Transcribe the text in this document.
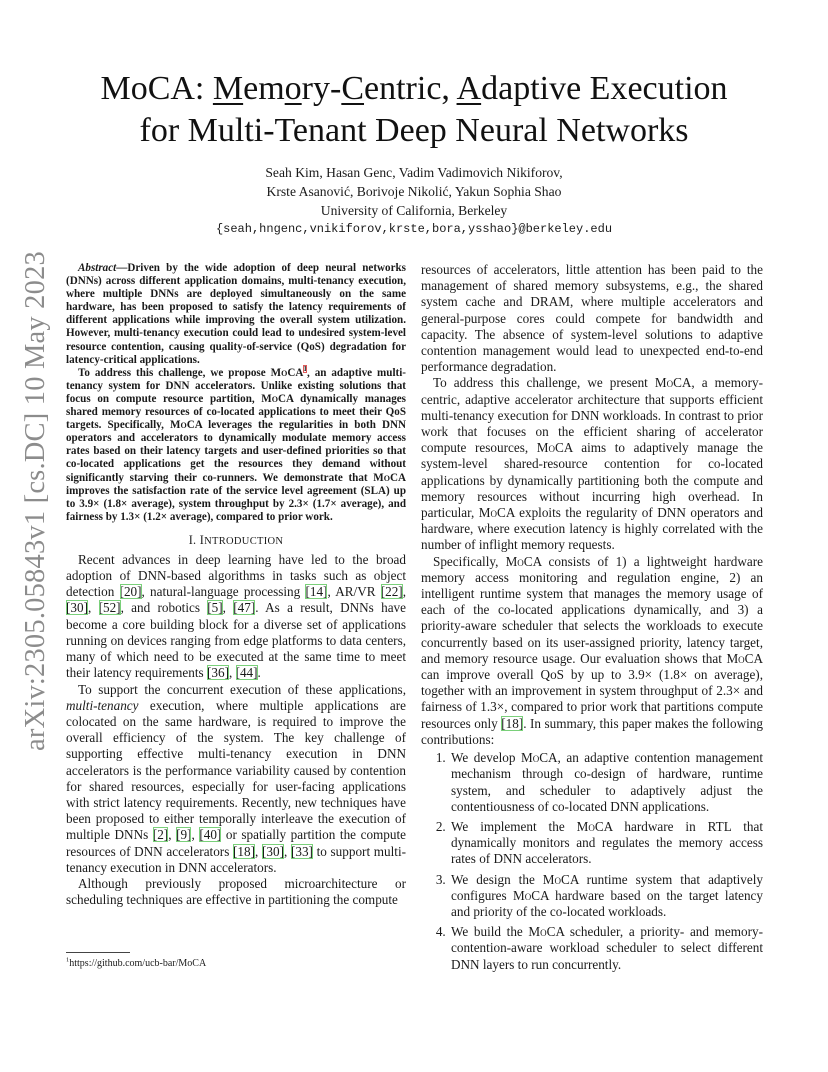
arXiv:2305.05843v1 [cs.DC] 10 May 2023
MoCA: Memory-Centric, Adaptive Execution
for Multi-Tenant Deep Neural Networks
Seah Kim, Hasan Genc, Vadim Vadimovich Nikiforov,
Krste Asanović, Borivoje Nikolić, Yakun Sophia Shao
University of California, Berkeley
{seah,hngenc,vnikiforov,krste,bora,ysshao}@berkeley.edu

Abstract—Driven by the wide adoption of deep neural networks (DNNs) across different application domains, multi-tenancy execution, where multiple DNNs are deployed simultaneously on the same hardware, has been proposed to satisfy the latency requirements of different applications while improving the overall system utilization. However, multi-tenancy execution could lead to undesired system-level resource contention, causing quality-of-service (QoS) degradation for latency-critical applications.

To address this challenge, we propose MoCA$^1$, an adaptive multi-tenancy system for DNN accelerators. Unlike existing solutions that focus on compute resource partition, MoCA dynamically manages shared memory resources of co-located applications to meet their QoS targets. Specifically, MoCA leverages the regularities in both DNN operators and accelerators to dynamically modulate memory access rates based on their latency targets and user-defined priorities so that co-located applications get the resources they demand without significantly starving their co-runners. We demonstrate that MoCA improves the satisfaction rate of the service level agreement (SLA) up to 3.9× (1.8× average), system throughput by 2.3× (1.7× average), and fairness by 1.3× (1.2× average), compared to prior work.

I. INTRODUCTION

Recent advances in deep learning have led to the broad adoption of DNN-based algorithms in tasks such as object detection [20], natural-language processing [14], AR/VR [22], [30], [52], and robotics [5], [47]. As a result, DNNs have become a core building block for a diverse set of applications running on devices ranging from edge platforms to data centers, many of which need to be executed at the same time to meet their latency requirements [36], [44].

To support the concurrent execution of these applications, multi-tenancy execution, where multiple applications are colocated on the same hardware, is required to improve the overall efficiency of the system. The key challenge of supporting effective multi-tenancy execution in DNN accelerators is the performance variability caused by contention for shared resources, especially for user-facing applications with strict latency requirements. Recently, new techniques have been proposed to either temporally interleave the execution of multiple DNNs [2], [9], [40] or spatially partition the compute resources of DNN accelerators [18], [30], [33] to support multi-tenancy execution in DNN accelerators.

Although previously proposed microarchitecture or scheduling techniques are effective in partitioning the compute

$^1$https://github.com/ucb-bar/MoCA

resources of accelerators, little attention has been paid to the management of shared memory subsystems, e.g., the shared system cache and DRAM, where multiple accelerators and general-purpose cores could compete for bandwidth and capacity. The absence of system-level solutions to adaptive contention management would lead to unexpected end-to-end performance degradation.

To address this challenge, we present MoCA, a memory-centric, adaptive accelerator architecture that supports efficient multi-tenancy execution for DNN workloads. In contrast to prior work that focuses on the efficient sharing of accelerator compute resources, MoCA aims to adaptively manage the system-level shared-resource contention for co-located applications by dynamically partitioning both the compute and memory resources without incurring high overhead. In particular, MoCA exploits the regularity of DNN operators and hardware, where execution latency is highly correlated with the number of inflight memory requests.

Specifically, MoCA consists of 1) a lightweight hardware memory access monitoring and regulation engine, 2) an intelligent runtime system that manages the memory usage of each of the co-located applications dynamically, and 3) a priority-aware scheduler that selects the workloads to execute concurrently based on its user-assigned priority, latency target, and memory resource usage. Our evaluation shows that MoCA can improve overall QoS by up to 3.9× (1.8× on average), together with an improvement in system throughput of 2.3× and fairness of 1.3×, compared to prior work that partitions compute resources only [18]. In summary, this paper makes the following contributions:

1. We develop MoCA, an adaptive contention management mechanism through co-design of hardware, runtime system, and scheduler to adaptively adjust the contentiousness of co-located DNN applications.
2. We implement the MoCA hardware in RTL that dynamically monitors and regulates the memory access rates of DNN accelerators.
3. We design the MoCA runtime system that adaptively configures MoCA hardware based on the target latency and priority of the co-located workloads.
4. We build the MoCA scheduler, a priority- and memory-contention-aware workload scheduler to select different DNN layers to run concurrently.
